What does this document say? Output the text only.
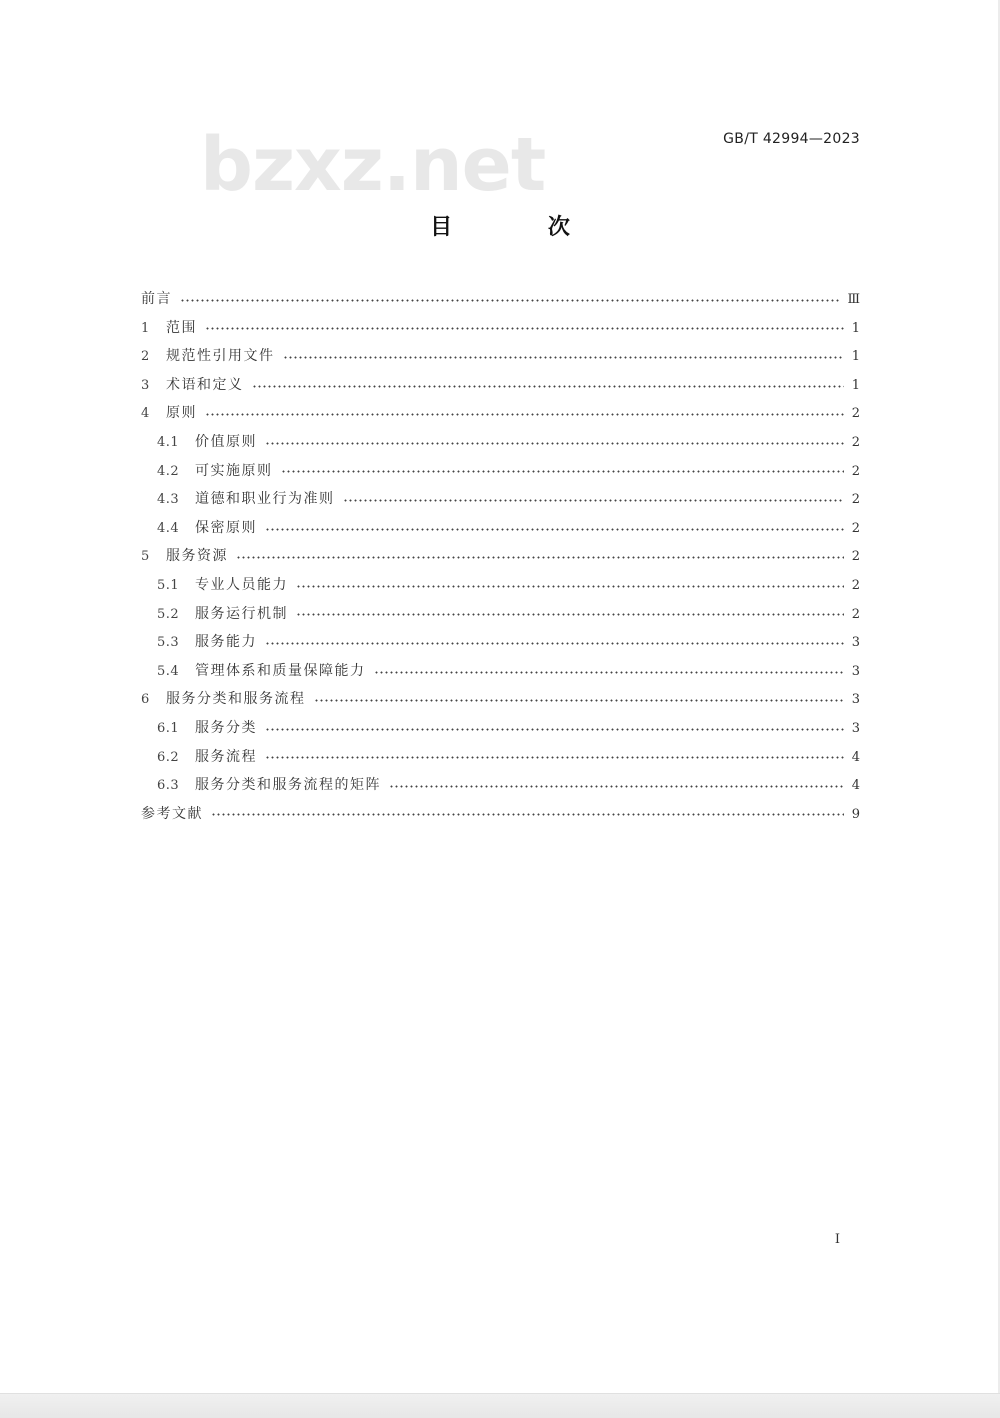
bzxz.net	GB/T 42994—2023
目 次
前言	Ⅲ
1	范围	1
2	规范性引用文件	1
3	术语和定义	1
4	原则	2
4.1	价值原则	2
4.2	可实施原则	2
4.3	道德和职业行为准则	2
4.4	保密原则	2
5	服务资源	2
5.1	专业人员能力	2
5.2	服务运行机制	2
5.3	服务能力	3
5.4	管理体系和质量保障能力	3
6	服务分类和服务流程	3
6.1	服务分类	3
6.2	服务流程	4
6.3	服务分类和服务流程的矩阵	4
参考文献	9
I
